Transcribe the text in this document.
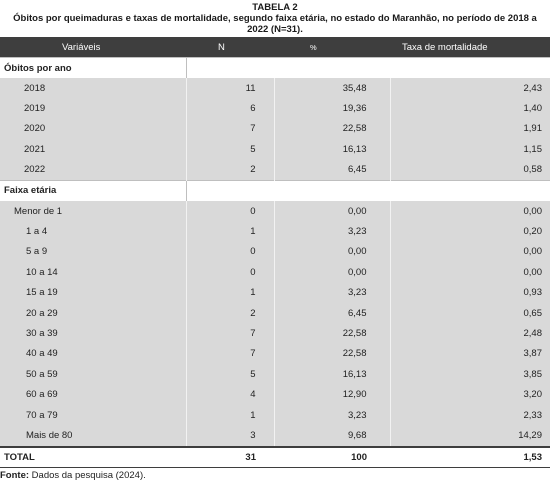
TABELA 2
Óbitos por queimaduras e taxas de mortalidade, segundo faixa etária, no estado do Maranhão, no período de 2018 a
2022 (N=31).
Variáveis	N	%	Taxa de mortalidade
Óbitos por ano			
2018	11	35,48	2,43
2019	6	19,36	1,40
2020	7	22,58	1,91
2021	5	16,13	1,15
2022	2	6,45	0,58
Faixa etária			
Menor de 1	0	0,00	0,00
1 a 4	1	3,23	0,20
5 a 9	0	0,00	0,00
10 a 14	0	0,00	0,00
15 a 19	1	3,23	0,93
20 a 29	2	6,45	0,65
30 a 39	7	22,58	2,48
40 a 49	7	22,58	3,87
50 a 59	5	16,13	3,85
60 a 69	4	12,90	3,20
70 a 79	1	3,23	2,33
Mais de 80	3	9,68	14,29
TOTAL	31	100	1,53
Fonte: Dados da pesquisa (2024).
